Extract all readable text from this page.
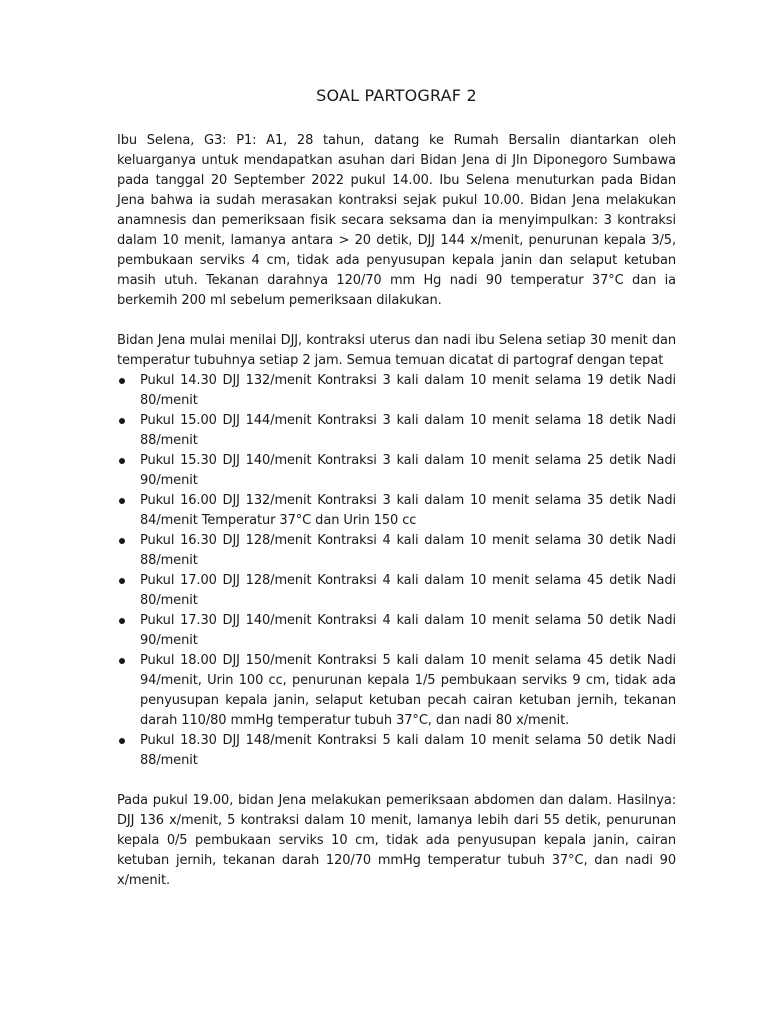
SOAL PARTOGRAF 2

Ibu Selena, G3: P1: A1, 28 tahun, datang ke Rumah Bersalin diantarkan oleh keluarganya untuk mendapatkan asuhan dari Bidan Jena di Jln Diponegoro Sumbawa pada tanggal 20 September 2022 pukul 14.00. Ibu Selena menuturkan pada Bidan Jena bahwa ia sudah merasakan kontraksi sejak pukul 10.00. Bidan Jena melakukan anamnesis dan pemeriksaan fisik secara seksama dan ia menyimpulkan: 3 kontraksi dalam 10 menit, lamanya antara > 20 detik, DJJ 144 x/menit, penurunan kepala 3/5, pembukaan serviks 4 cm, tidak ada penyusupan kepala janin dan selaput ketuban masih utuh. Tekanan darahnya 120/70 mm Hg nadi 90 temperatur 37°C dan ia berkemih 200 ml sebelum pemeriksaan dilakukan.

Bidan Jena mulai menilai DJJ, kontraksi uterus dan nadi ibu Selena setiap 30 menit dan temperatur tubuhnya setiap 2 jam. Semua temuan dicatat di partograf dengan tepat

Pukul 14.30 DJJ 132/menit Kontraksi 3 kali dalam 10 menit selama 19 detik Nadi 80/menit
Pukul 15.00 DJJ 144/menit Kontraksi 3 kali dalam 10 menit selama 18 detik Nadi 88/menit
Pukul 15.30 DJJ 140/menit Kontraksi 3 kali dalam 10 menit selama 25 detik Nadi 90/menit
Pukul 16.00 DJJ 132/menit Kontraksi 3 kali dalam 10 menit selama 35 detik Nadi 84/menit Temperatur 37°C dan Urin 150 cc
Pukul 16.30 DJJ 128/menit Kontraksi 4 kali dalam 10 menit selama 30 detik Nadi 88/menit
Pukul 17.00 DJJ 128/menit Kontraksi 4 kali dalam 10 menit selama 45 detik Nadi 80/menit
Pukul 17.30 DJJ 140/menit Kontraksi 4 kali dalam 10 menit selama 50 detik Nadi 90/menit
Pukul 18.00 DJJ 150/menit Kontraksi 5 kali dalam 10 menit selama 45 detik Nadi 94/menit, Urin 100 cc, penurunan kepala 1/5 pembukaan serviks 9 cm, tidak ada penyusupan kepala janin, selaput ketuban pecah cairan ketuban jernih, tekanan darah 110/80 mmHg temperatur tubuh 37°C, dan nadi 80 x/menit.
Pukul 18.30 DJJ 148/menit Kontraksi 5 kali dalam 10 menit selama 50 detik Nadi 88/menit

Pada pukul 19.00, bidan Jena melakukan pemeriksaan abdomen dan dalam. Hasilnya: DJJ 136 x/menit, 5 kontraksi dalam 10 menit, lamanya lebih dari 55 detik, penurunan kepala 0/5 pembukaan serviks 10 cm, tidak ada penyusupan kepala janin, cairan ketuban jernih, tekanan darah 120/70 mmHg temperatur tubuh 37°C, dan nadi 90 x/menit.
